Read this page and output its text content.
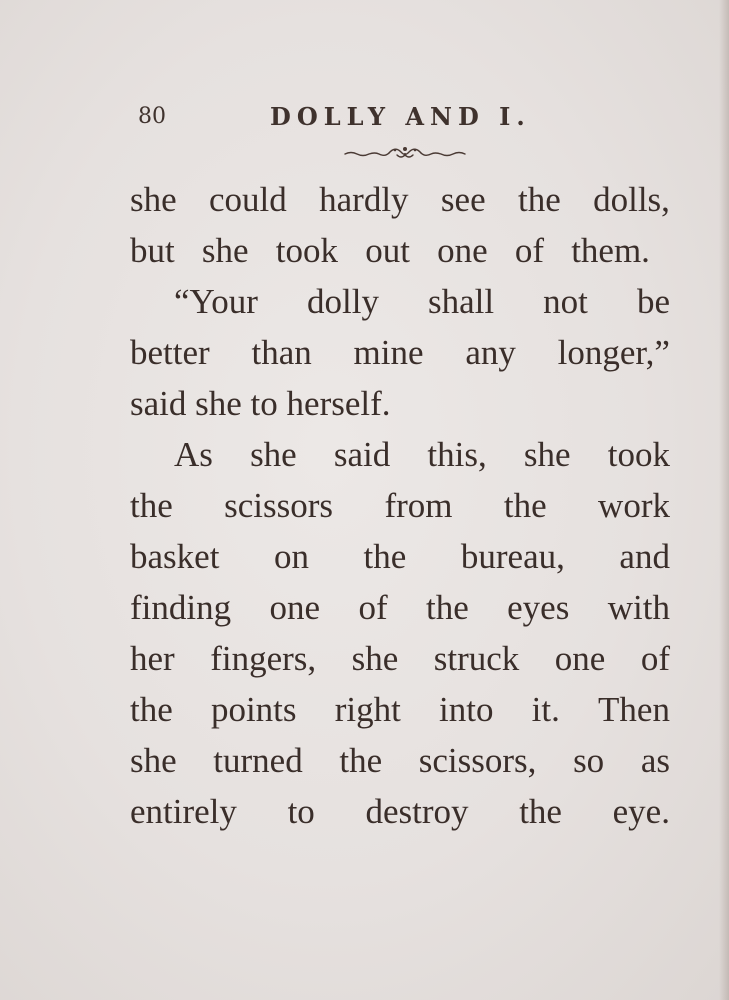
80	DOLLY AND I.
she could hardly see the dolls,
but she took out one of them.
“Your dolly shall not be
better than mine any longer,”
said
she
to
herself.
As she said this, she took
the scissors from the work
basket on the bureau, and
finding one of the eyes with
her fingers, she struck one of
the points right into it. Then
she turned the scissors, so as
entirely to destroy the eye.
